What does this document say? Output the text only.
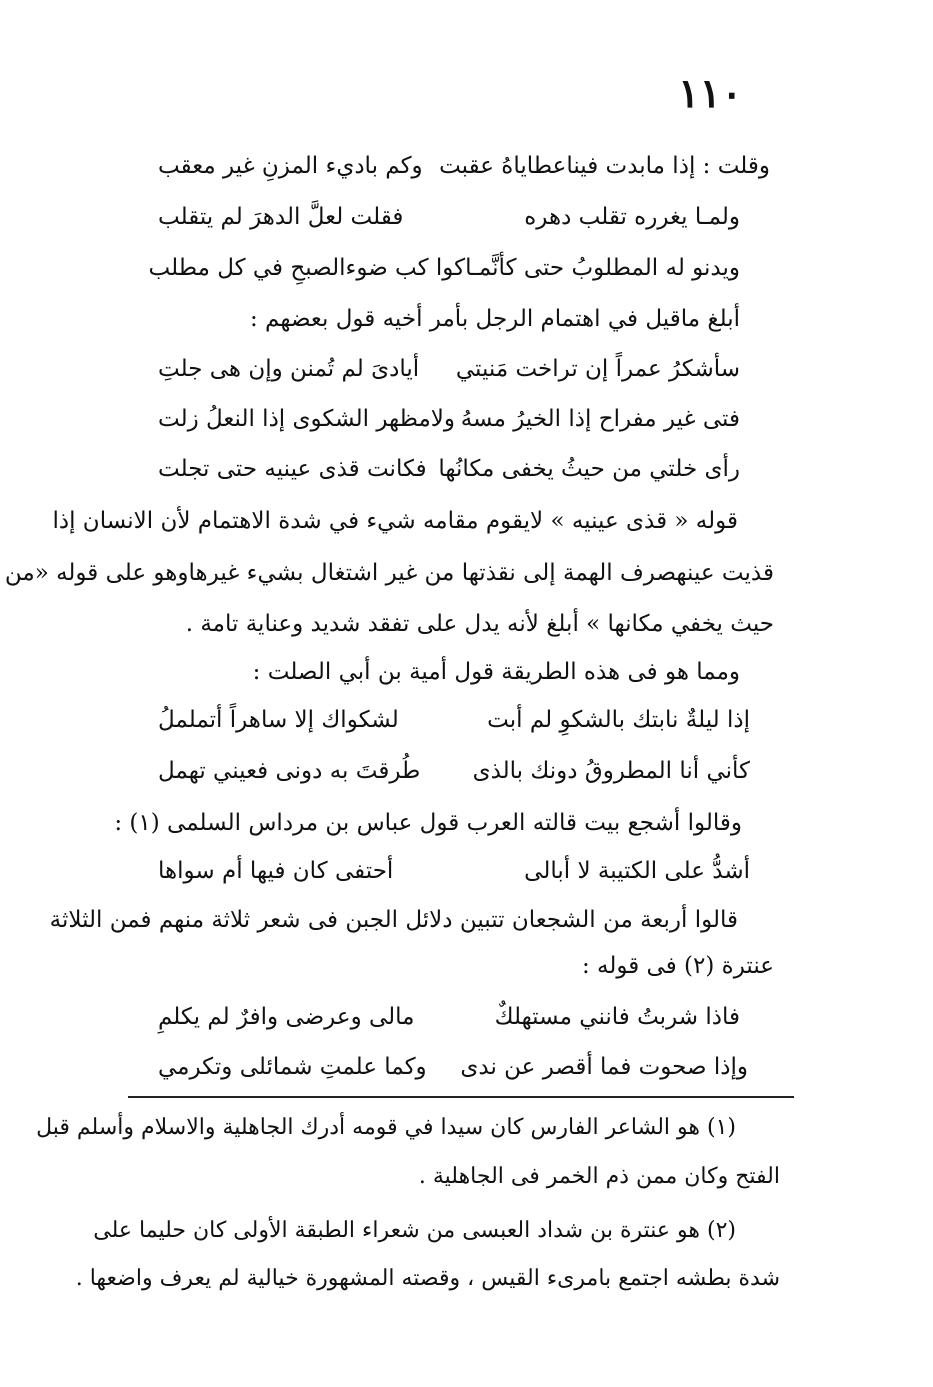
١١٠
وقلت : إذا مابدت فيناعطاياهُ عقبت
وكم باديء المزنِ غير معقب
ولمـا يغرره تقلب دهره
فقلت لعلَّ الدهرَ لم يتقلب
ويدنو له المطلوبُ حتى كأنَّمـا
كوا كب ضوءالصبحِ في كل مطلب
أبلغ ماقيل في اهتمام الرجل بأمر أخيه قول بعضهم :
سأشكرُ عمراً إن تراخت مَنيتي
أيادىَ لم تُمنن وإن هى جلتِ
فتى غير مفراح إذا الخيرُ مسهُ
ولامظهر الشكوى إذا النعلُ زلت
رأى خلتي من حيثُ يخفى مكانُها
فكانت قذى عينيه حتى تجلت
قوله « قذى عينيه » لايقوم مقامه شيء في شدة الاهتمام لأن الانسان إذا
قذيت عينهصرف الهمة إلى نقذتها من غير اشتغال بشيء غيرهاوهو على قوله «من
حيث يخفي مكانها » أبلغ لأنه يدل على تفقد شديد وعناية تامة .
ومما هو فى هذه الطريقة قول أمية بن أبي الصلت :
إذا ليلةٌ نابتك بالشكوِ لم أبت
لشكواك إلا ساهراً أتململُ
كأني أنا المطروقُ دونك بالذى
طُرقتَ به دونى فعيني تهمل
وقالوا أشجع بيت قالته العرب قول عباس بن مرداس السلمى (١) :
أشدُّ على الكتيبة لا أبالى
أحتفى كان فيها أم سواها
قالوا أربعة من الشجعان تتبين دلائل الجبن فى شعر ثلاثة منهم فمن الثلاثة
عنترة (٢) فى قوله :
فاذا شربتُ فانني مستهلكٌ
مالى وعرضى وافرٌ لم يكلمِ
وإذا صحوت فما أقصر عن ندى
وكما علمتِ شمائلى وتكرمي
(١) هو الشاعر الفارس كان سيدا في قومه أدرك الجاهلية والاسلام وأسلم قبل
الفتح وكان ممن ذم الخمر فى الجاهلية .
(٢) هو عنترة بن شداد العبسى من شعراء الطبقة الأولى كان حليما على
شدة بطشه اجتمع بامرىء القيس ، وقصته المشهورة خيالية لم يعرف واضعها .
